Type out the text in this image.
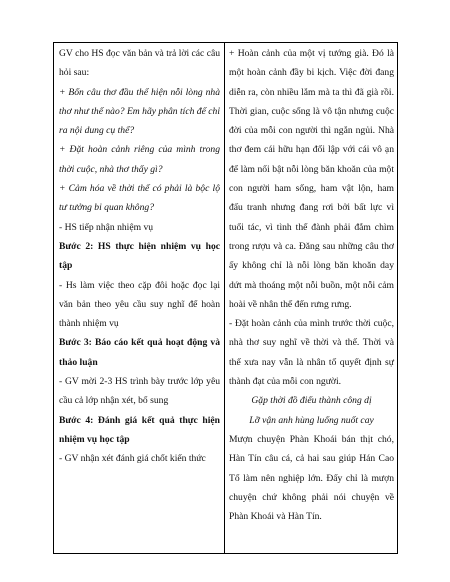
GV cho HS đọc văn bản và trả lời các câu hỏi sau:

+ Bốn câu thơ đầu thể hiện nỗi lòng nhà thơ như thế nào? Em hãy phân tích để chỉ ra nội dung cụ thể?

+ Đặt hoàn cảnh riêng của mình trong thời cuộc, nhà thơ thấy gì?

+ Cảm hóa về thời thế có phải là bộc lộ tư tưởng bi quan không?

- HS tiếp nhận nhiệm vụ

Bước 2: HS thực hiện nhiệm vụ học tập

- Hs làm việc theo cặp đôi hoặc đọc lại văn bản theo yêu cầu suy nghĩ để hoàn thành nhiệm vụ

Bước 3: Báo cáo kết quả hoạt động và thảo luận

- GV mời 2-3 HS trình bày trước lớp yêu cầu cả lớp nhận xét, bổ sung

Bước 4: Đánh giá kết quả thực hiện nhiệm vụ học tập

- GV nhận xét đánh giá chốt kiến thức

+ Hoàn cảnh của một vị tướng già. Đó là một hoàn cảnh đầy bi kịch. Việc đời đang diễn ra, còn nhiều lắm mà ta thì đã già rồi. Thời gian, cuộc sống là vô tận nhưng cuộc đời của mỗi con người thì ngắn ngủi. Nhà thơ đem cái hữu hạn đối lập với cái vô ạn để làm nổi bật nỗi lòng băn khoăn của một con người ham sống, ham vật lộn, ham đấu tranh nhưng đang rơi bởi bất lực vì tuổi tác, vì tình thế đành phải đắm chìm trong rượu và ca. Đăng sau những câu thơ ấy không chỉ là nỗi lòng băn khoăn day dứt mà thoáng một nỗi buồn, một nỗi cảm hoài về nhân thế đến rưng rưng.

- Đặt hoàn cảnh của mình trước thời cuộc, nhà thơ suy nghĩ về thời và thế. Thời và thế xưa nay vẫn là nhân tố quyết định sự thành đạt của mỗi con người.

Gặp thời đồ điếu thành công dị

Lỡ vận anh hùng luống nuốt cay

Mượn chuyện Phàn Khoái bán thịt chó, Hàn Tín câu cá, cả hai sau giúp Hán Cao Tổ làm nên nghiệp lớn. Đấy chỉ là mượn chuyện chứ không phải nói chuyện về Phàn Khoái và Hàn Tín.
